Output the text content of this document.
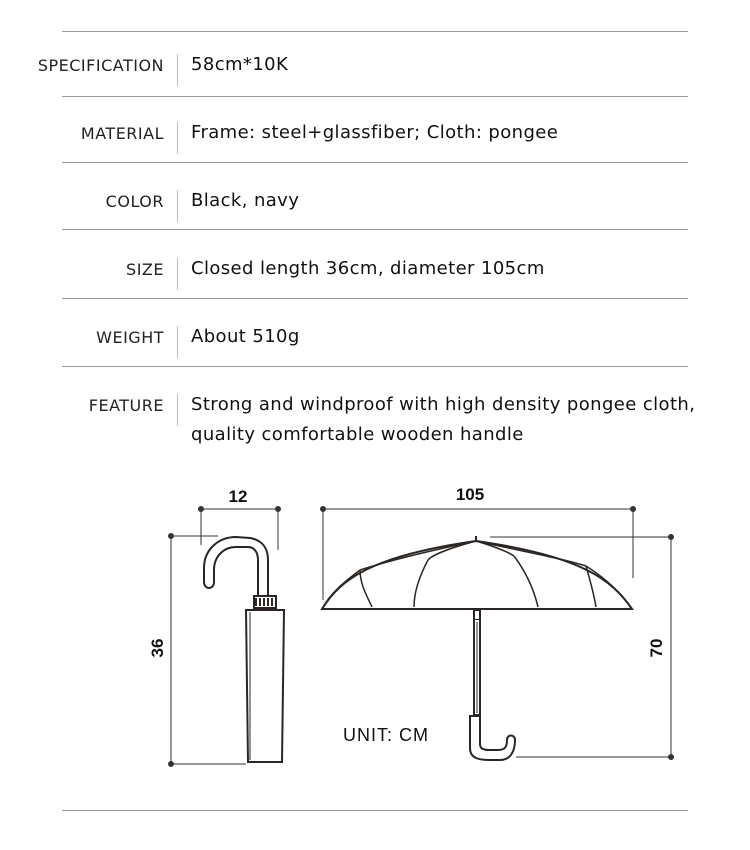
SPECIFICATION 58cm*10K
MATERIAL Frame: steel+glassfiber; Cloth: pongee
COLOR Black, navy
SIZE Closed length 36cm, diameter 105cm
WEIGHT About 510g
FEATURE Strong and windproof with high density pongee cloth, quality comfortable wooden handle
12
36
105
70
UNIT: CM
